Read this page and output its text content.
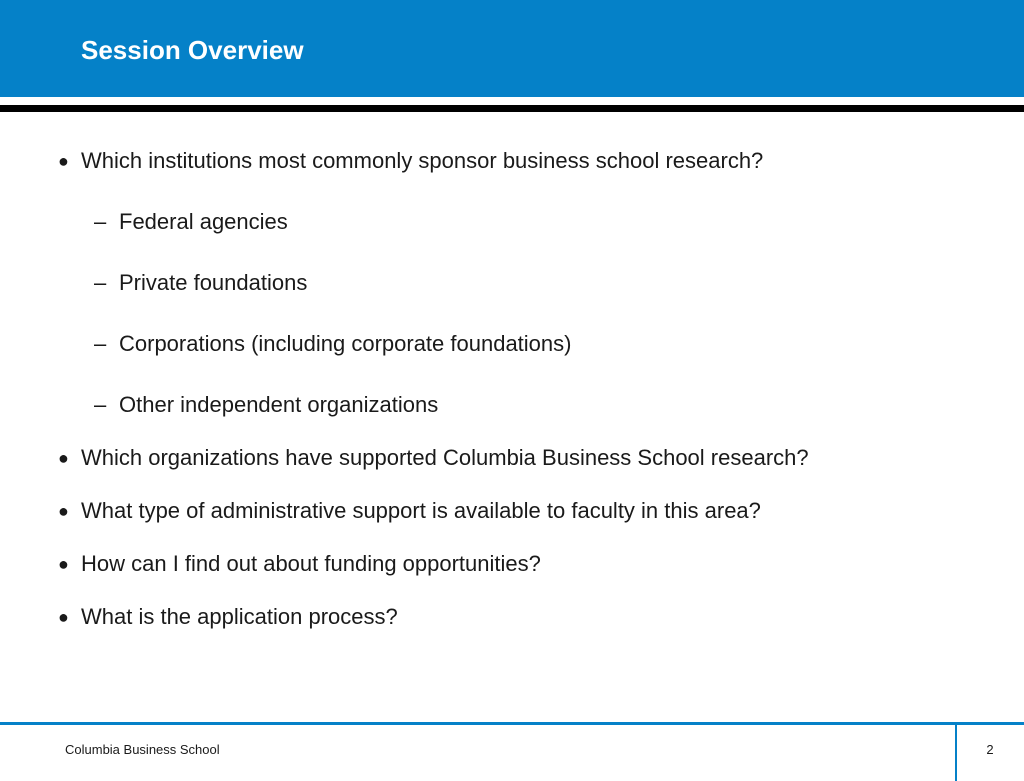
Session Overview
● Which institutions most commonly sponsor business school research?
– Federal agencies
– Private foundations
– Corporations (including corporate foundations)
– Other independent organizations
● Which organizations have supported Columbia Business School research?
● What type of administrative support is available to faculty in this area?
● How can I find out about funding opportunities?
● What is the application process?
Columbia Business School	2
